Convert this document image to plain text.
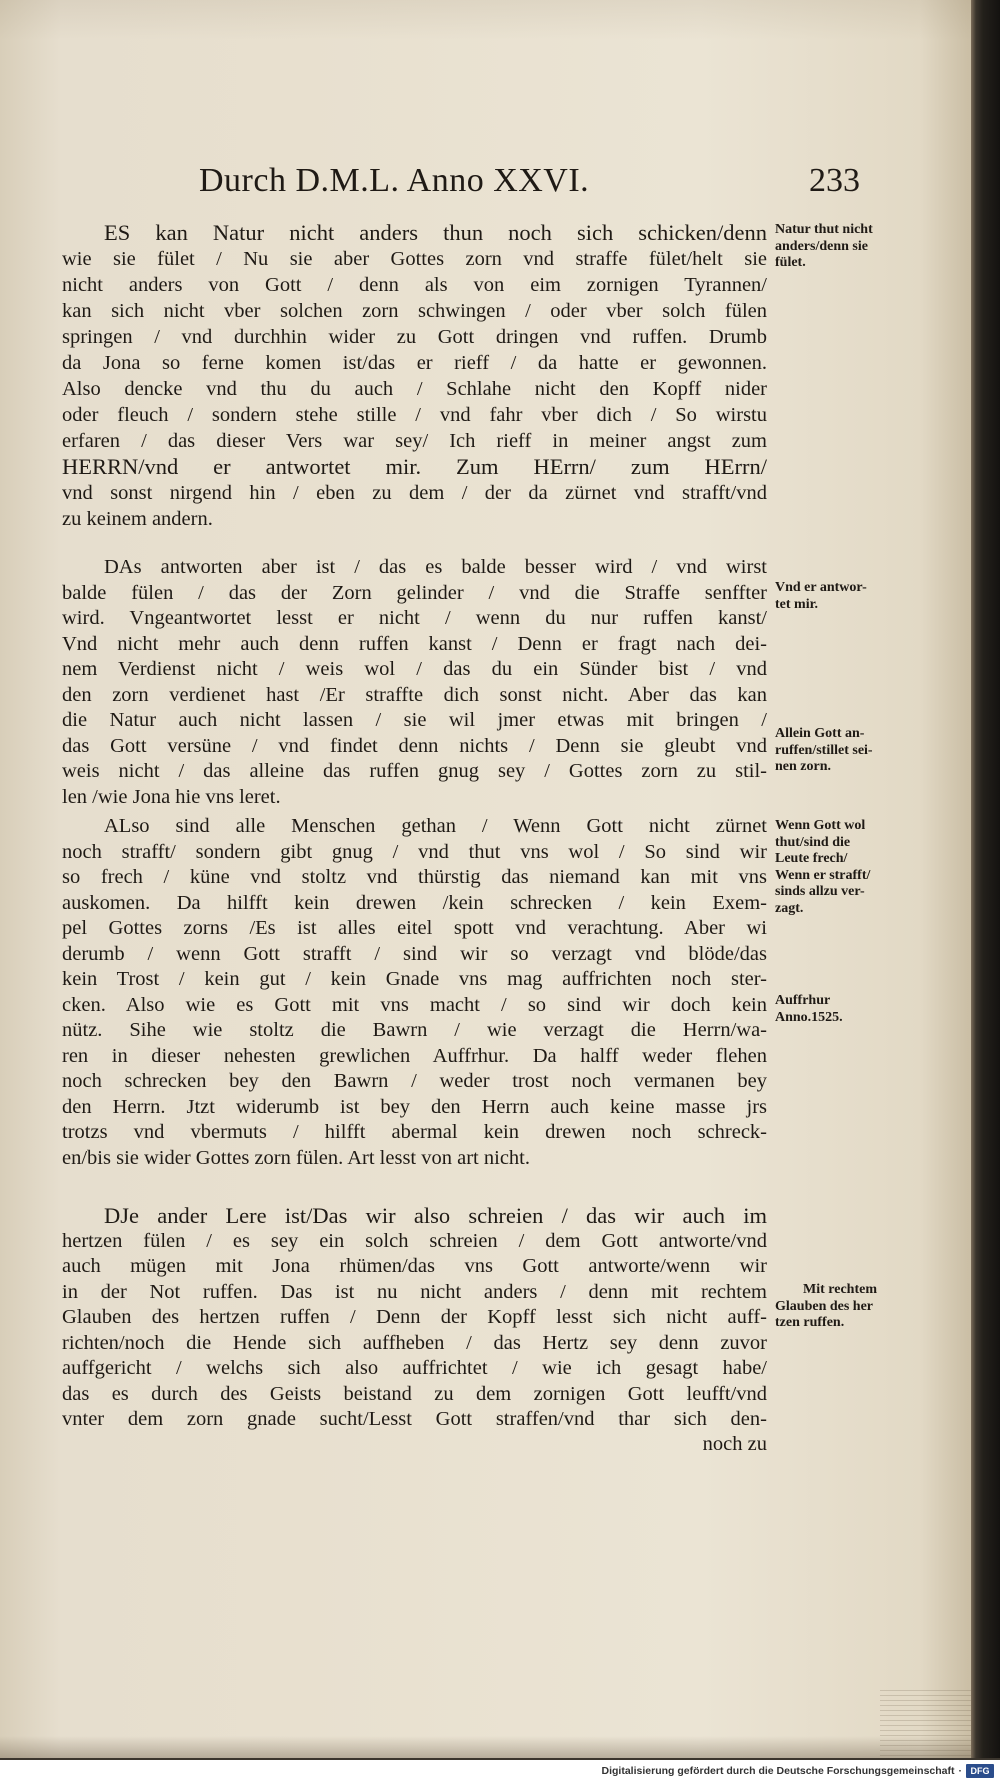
Durch D.M.L. Anno XXVI.	233
ES kan Natur nicht anders thun noch sich schicken/denn
wie sie fület / Nu sie aber Gottes zorn vnd straffe fület/helt sie
nicht anders von Gott / denn als von eim zornigen Tyrannen/
kan sich nicht vber solchen zorn schwingen / oder vber solch fülen
springen / vnd durchhin wider zu Gott dringen vnd ruffen. Drumb
da Jona so ferne komen ist/das er rieff / da hatte er gewonnen.
Also dencke vnd thu du auch / Schlahe nicht den Kopff nider
oder fleuch / sondern stehe stille / vnd fahr vber dich / So wirstu
erfaren / das dieser Vers war sey/ Ich rieff in meiner angst zum
HERRN/vnd er antwortet mir. Zum HErrn/ zum HErrn/
vnd sonst nirgend hin / eben zu dem / der da zürnet vnd strafft/vnd
zu keinem andern.
DAs antworten aber ist / das es balde besser wird / vnd wirst
balde fülen / das der Zorn gelinder / vnd die Straffe senffter
wird. Vngeantwortet lesst er nicht / wenn du nur ruffen kanst/
Vnd nicht mehr auch denn ruffen kanst / Denn er fragt nach dei-
nem Verdienst nicht / weis wol / das du ein Sünder bist / vnd
den zorn verdienet hast /Er straffte dich sonst nicht. Aber das kan
die Natur auch nicht lassen / sie wil jmer etwas mit bringen /
das Gott versüne / vnd findet denn nichts / Denn sie gleubt vnd
weis nicht / das alleine das ruffen gnug sey / Gottes zorn zu stil-
len /wie Jona hie vns leret.
ALso sind alle Menschen gethan / Wenn Gott nicht zürnet
noch strafft/ sondern gibt gnug / vnd thut vns wol / So sind wir
so frech / küne vnd stoltz vnd thürstig das niemand kan mit vns
auskomen. Da hilfft kein drewen /kein schrecken / kein Exem-
pel Gottes zorns /Es ist alles eitel spott vnd verachtung. Aber wi
derumb / wenn Gott strafft / sind wir so verzagt vnd blöde/das
kein Trost / kein gut / kein Gnade vns mag auffrichten noch ster-
cken. Also wie es Gott mit vns macht / so sind wir doch kein
nütz. Sihe wie stoltz die Bawrn / wie verzagt die Herrn/wa-
ren in dieser nehesten grewlichen Auffrhur. Da halff weder flehen
noch schrecken bey den Bawrn / weder trost noch vermanen bey
den Herrn. Jtzt widerumb ist bey den Herrn auch keine masse jrs
trotzs vnd vbermuts / hilfft abermal kein drewen noch schreck-
en/bis sie wider Gottes zorn fülen. Art lesst von art nicht.
DJe ander Lere ist/Das wir also schreien / das wir auch im
hertzen fülen / es sey ein solch schreien / dem Gott antworte/vnd
auch mügen mit Jona rhümen/das vns Gott antworte/wenn wir
in der Not ruffen. Das ist nu nicht anders / denn mit rechtem
Glauben des hertzen ruffen / Denn der Kopff lesst sich nicht auff-
richten/noch die Hende sich auffheben / das Hertz sey denn zuvor
auffgericht / welchs sich also auffrichtet / wie ich gesagt habe/
das es durch des Geists beistand zu dem zornigen Gott leufft/vnd
vnter dem zorn gnade sucht/Lesst Gott straffen/vnd thar sich den-
noch zu
Natur thut nicht
anders/denn sie
fület.
Vnd er antwor-
tet mir.
Allein Gott an-
ruffen/stillet sei-
nen zorn.
Wenn Gott wol
thut/sind die
Leute frech/
Wenn er strafft/
sinds allzu ver-
zagt.
Auffrhur
Anno.1525.
Mit rechtem
Glauben des her
tzen ruffen.
Digitalisierung gefördert durch die Deutsche Forschungsgemeinschaft · DFG
